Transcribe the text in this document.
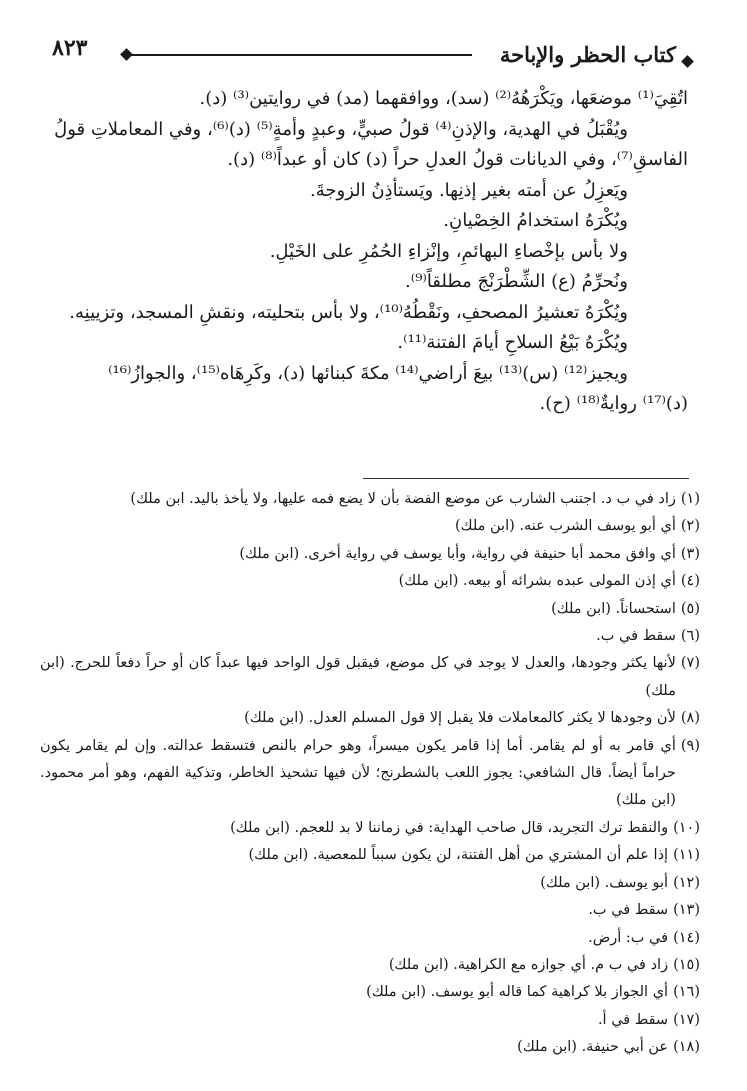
كتاب الحظر والإباحة
٨٢٣

اتُقِيَ⁽¹⁾ موضعَها، ويَكْرَهُهُ⁽²⁾ (سد)، ووافقهما (مد) في روايتين⁽³⁾ (د).

ويُقْبَلُ في الهدية، والإذنِ⁽⁴⁾ قولُ صبيٍّ، وعبدٍ وأمةٍ⁽⁵⁾ (د)⁽⁶⁾، وفي المعاملاتِ قولُ

الفاسقِ⁽⁷⁾، وفي الديانات قولُ العدلِ حراً (د) كان أو عبداً⁽⁸⁾ (د).

ويَعزِلُ عن أمته بغير إذنِها. ويَستأذِنُ الزوجةَ.

ويُكْرَهُ استخدامُ الخِصْيانِ.

ولا بأس بإخْصاءِ البهائمِ، وإنْزاءِ الحُمُرِ على الخَيْلِ.

ونُحرِّمُ (ع) الشِّطْرَنْجَ مطلقاً⁽⁹⁾.

ويُكْرَهُ تعشيرُ المصحفِ، ونَقْطُهُ⁽¹⁰⁾، ولا بأس بتحليته، ونقشِ المسجد، وتزيينِه.

ويُكْرَهُ بَيْعُ السلاحِ أيامَ الفتنة⁽¹¹⁾.

ويجيز⁽¹²⁾ (س)⁽¹³⁾ بيعَ أراضي⁽¹⁴⁾ مكةَ كبنائها (د)، وكَرِهَاه⁽¹⁵⁾، والجوازُ⁽¹⁶⁾

(د)⁽¹⁷⁾ روايةٌ⁽¹⁸⁾ (ح).

(١)
زاد في ب د. اجتنب الشارب عن موضع الفضة بأن لا يضع فمه عليها، ولا يأخذ باليد. ابن ملك)
(٢)
أي أبو يوسف الشرب عنه. (ابن ملك)
(٣)
أي وافق محمد أبا حنيفة في رواية، وأبا يوسف في رواية أخرى. (ابن ملك)
(٤)
أي إذن المولى عبده بشرائه أو بيعه. (ابن ملك)
(٥)
استحساناً. (ابن ملك)
(٦)
سقط في ب.
(٧)
لأنها يكثر وجودها، والعدل لا يوجد في كل موضع، فيقبل قول الواحد فيها عبداً كان أو حراً دفعاً للحرج. (ابن ملك)
(٨)
لأن وجودها لا يكثر كالمعاملات فلا يقبل إلا قول المسلم العدل. (ابن ملك)
(٩)
أي قامر به أو لم يقامر. أما إذا قامر يكون ميسراً، وهو حرام بالنص فتسقط عدالته. وإن لم يقامر يكون حراماً أيضاً. قال الشافعي: يجوز اللعب بالشطرنج؛ لأن فيها تشحيذ الخاطر، وتذكية الفهم، وهو أمر محمود. (ابن ملك)
(١٠)
والنقط ترك التجريد، قال صاحب الهداية: في زماننا لا بد للعجم. (ابن ملك)
(١١)
إذا علم أن المشتري من أهل الفتنة، لن يكون سبباً للمعصية. (ابن ملك)
(١٢)
أبو يوسف. (ابن ملك)
(١٣)
سقط في ب.
(١٤)
في ب: أرض.
(١٥)
زاد في ب م. أي جوازه مع الكراهية. (ابن ملك)
(١٦)
أي الجواز بلا كراهية كما قاله أبو يوسف. (ابن ملك)
(١٧)
سقط في أ.
(١٨)
عن أبي حنيفة. (ابن ملك)
